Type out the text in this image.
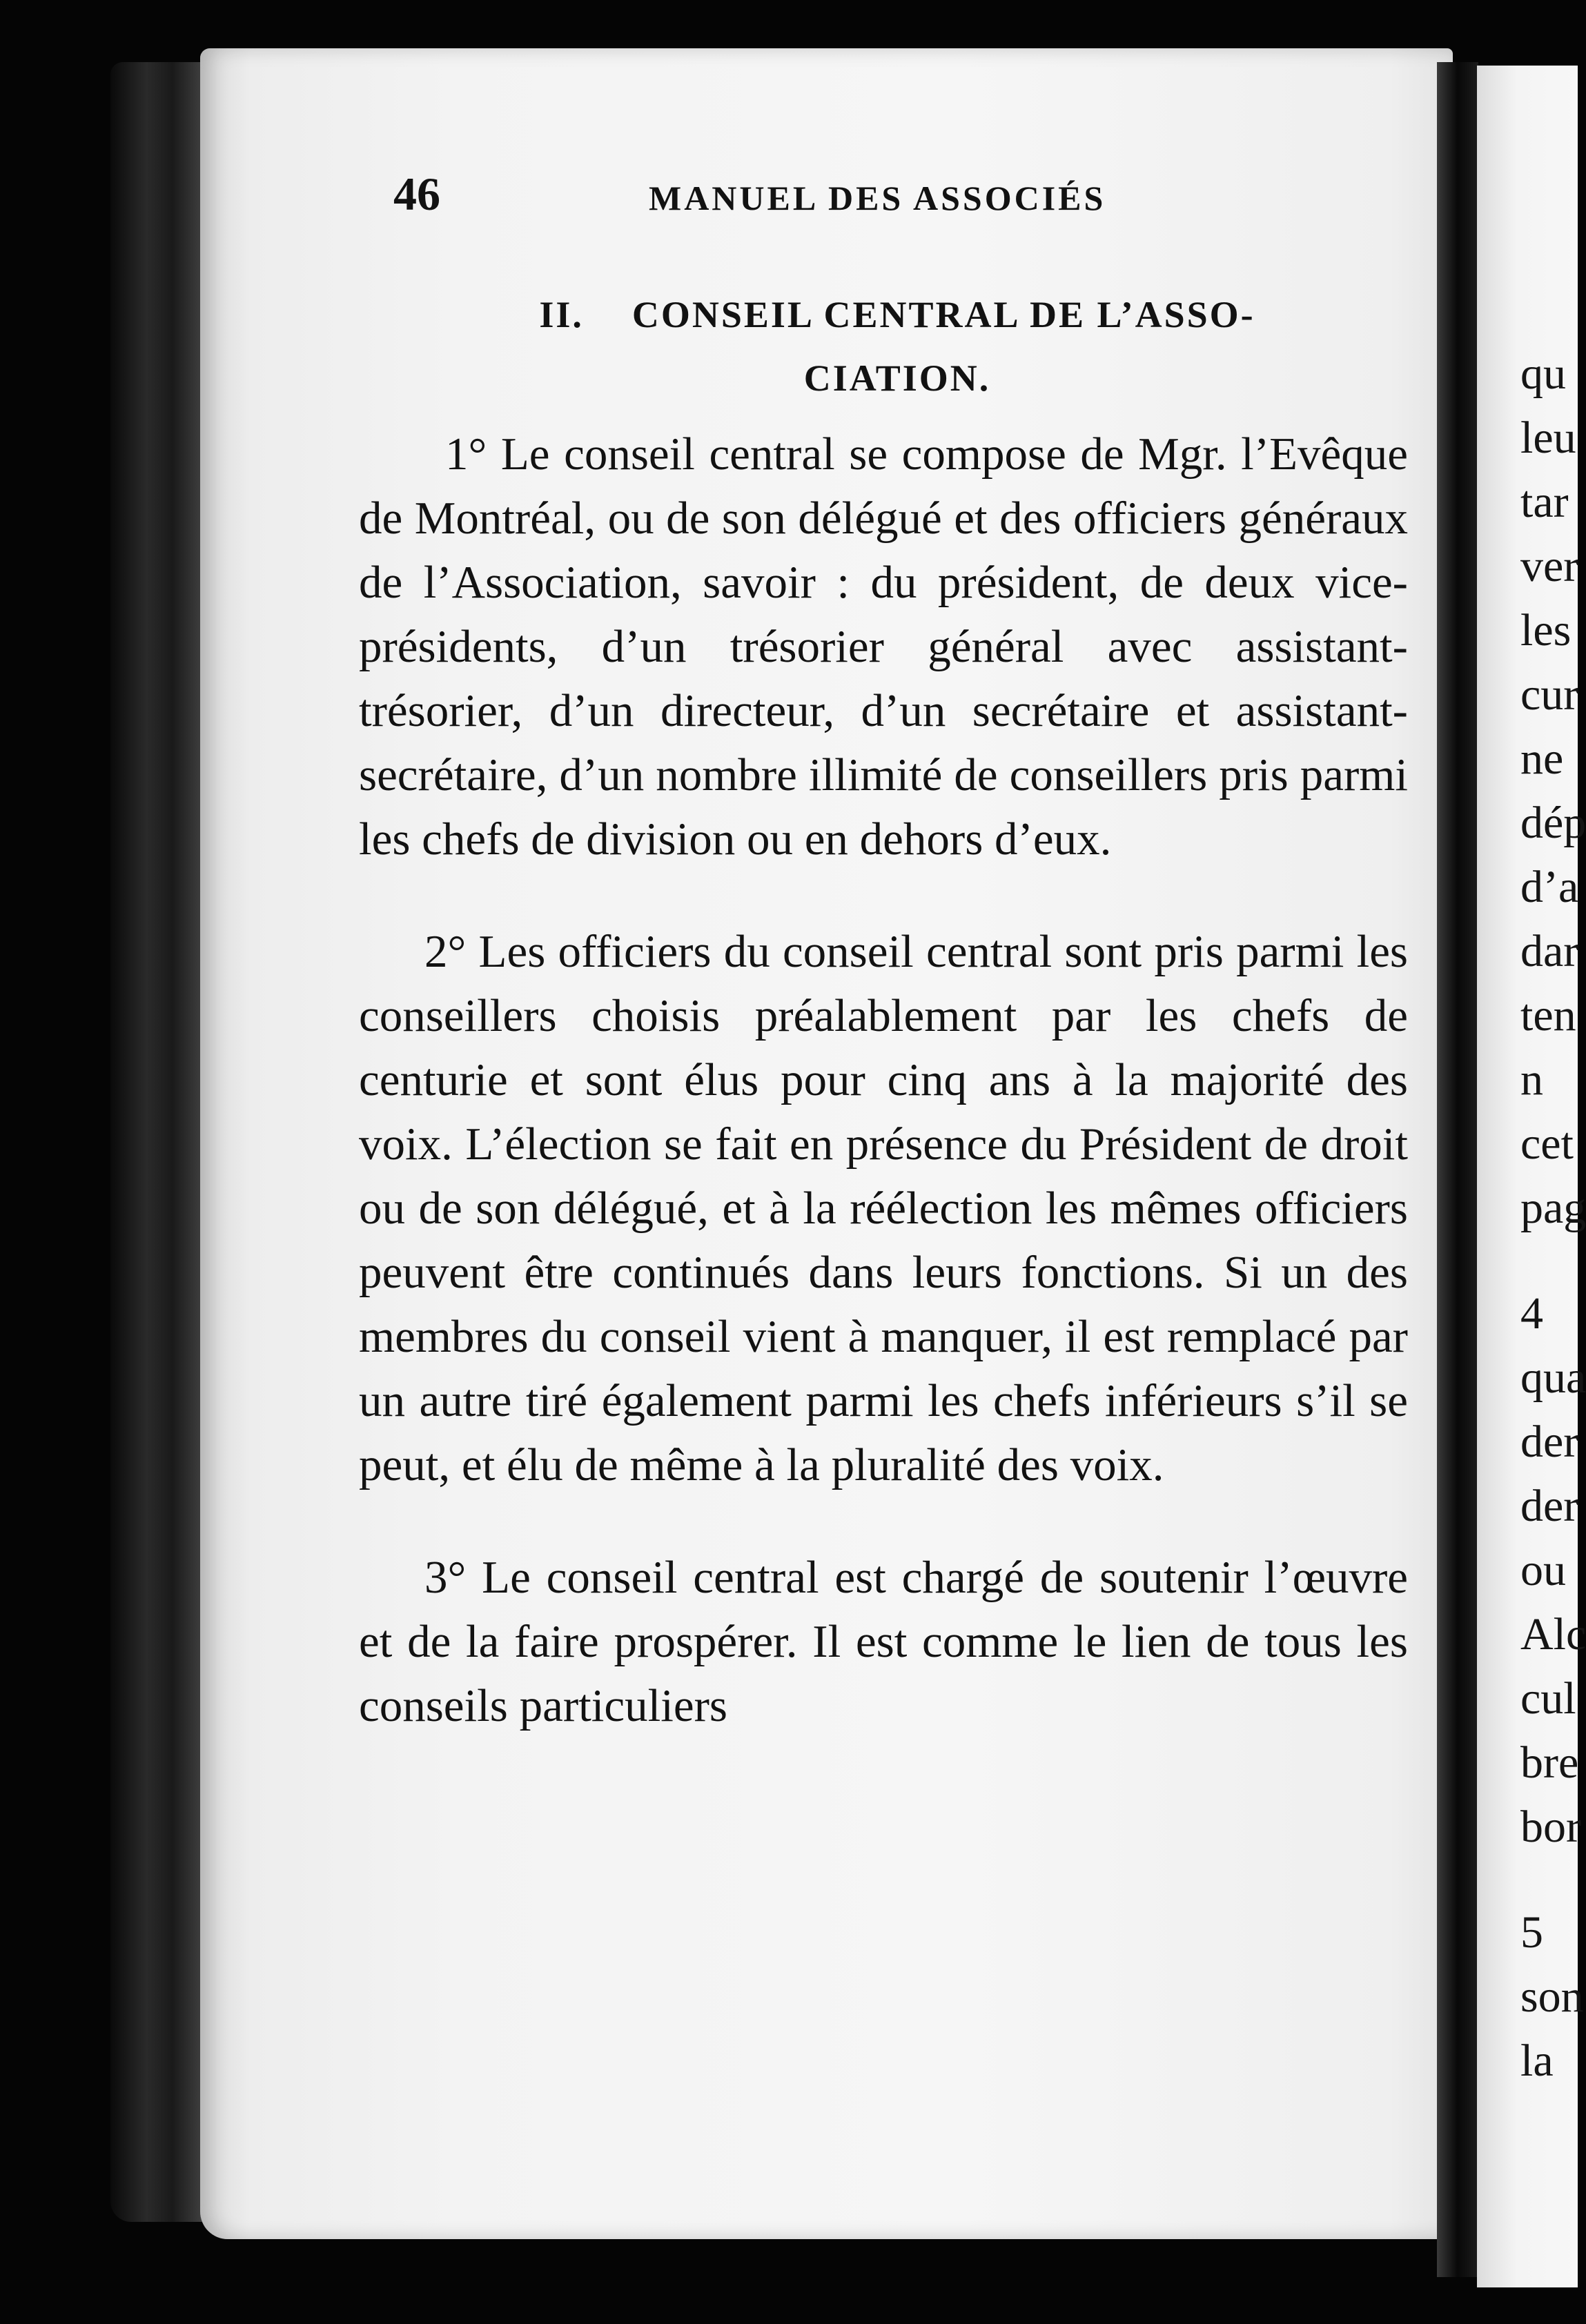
46	MANUEL DES ASSOCIÉS
II. CONSEIL CENTRAL DE L’ASSO-
CIATION.

1° Le conseil central se compose de Mgr. l’Evêque de Montréal, ou de son délégué et des officiers généraux de l’Association, savoir : du président, de deux vice-présidents, d’un trésorier général avec assistant-trésorier, d’un directeur, d’un secrétaire et assistant-secrétaire, d’un nombre illimité de conseillers pris parmi les chefs de division ou en dehors d’eux.

2° Les officiers du conseil central sont pris parmi les conseillers choisis préalablement par les chefs de centurie et sont élus pour cinq ans à la majorité des voix. L’élection se fait en présence du Président de droit ou de son délégué, et à la réélection les mêmes officiers peuvent être continués dans leurs fonctions. Si un des membres du conseil vient à manquer, il est remplacé par un autre tiré également parmi les chefs inférieurs s’il se peut, et élu de même à la pluralité des voix.

3° Le conseil central est chargé de soutenir l’œuvre et de la faire prospérer. Il est comme le lien de tous les conseils particuliers

qu
leu
tar
ver
les
cur
ne
dép
d’a
dar
ten
n
cet
pag
4
qua
der
der
ou
Alc
cul
bre
bor
5
son
la
